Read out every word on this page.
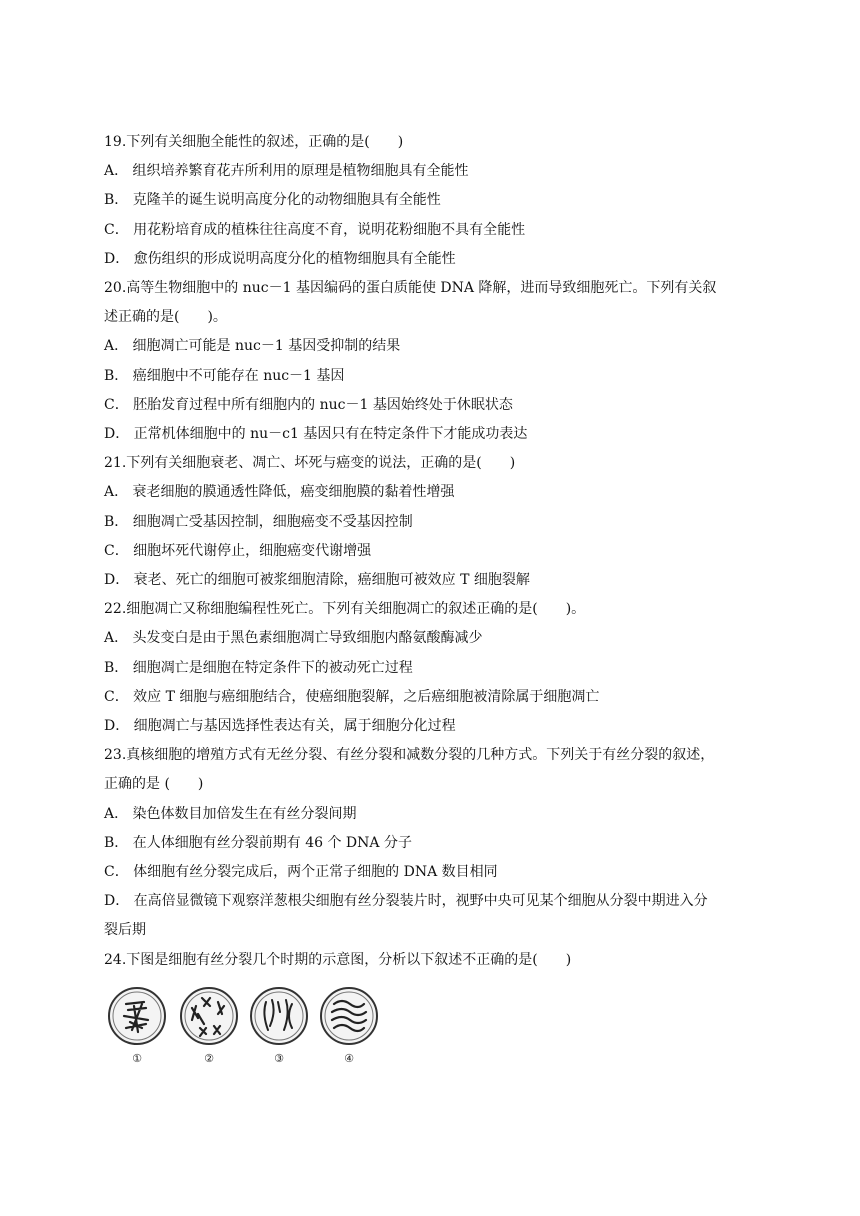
19.下列有关细胞全能性的叙述，正确的是(　　)
A． 组织培养繁育花卉所利用的原理是植物细胞具有全能性
B． 克隆羊的诞生说明高度分化的动物细胞具有全能性
C． 用花粉培育成的植株往往高度不育，说明花粉细胞不具有全能性
D． 愈伤组织的形成说明高度分化的植物细胞具有全能性
20.高等生物细胞中的 nuc－1 基因编码的蛋白质能使 DNA 降解，进而导致细胞死亡。下列有关叙
述正确的是(　　)。
A． 细胞凋亡可能是 nuc－1 基因受抑制的结果
B． 癌细胞中不可能存在 nuc－1 基因
C． 胚胎发育过程中所有细胞内的 nuc－1 基因始终处于休眠状态
D． 正常机体细胞中的 nu－c1 基因只有在特定条件下才能成功表达
21.下列有关细胞衰老、凋亡、坏死与癌变的说法，正确的是(　　)
A． 衰老细胞的膜通透性降低，癌变细胞膜的黏着性增强
B． 细胞凋亡受基因控制，细胞癌变不受基因控制
C． 细胞坏死代谢停止，细胞癌变代谢增强
D． 衰老、死亡的细胞可被浆细胞清除，癌细胞可被效应 T 细胞裂解
22.细胞凋亡又称细胞编程性死亡。下列有关细胞凋亡的叙述正确的是(　　)。
A． 头发变白是由于黑色素细胞凋亡导致细胞内酪氨酸酶减少
B． 细胞凋亡是细胞在特定条件下的被动死亡过程
C． 效应 T 细胞与癌细胞结合，使癌细胞裂解，之后癌细胞被清除属于细胞凋亡
D． 细胞凋亡与基因选择性表达有关，属于细胞分化过程
23.真核细胞的增殖方式有无丝分裂、有丝分裂和减数分裂的几种方式。下列关于有丝分裂的叙述，
正确的是 (　　)
A． 染色体数目加倍发生在有丝分裂间期
B． 在人体细胞有丝分裂前期有 46 个 DNA 分子
C． 体细胞有丝分裂完成后，两个正常子细胞的 DNA 数目相同
D． 在高倍显微镜下观察洋葱根尖细胞有丝分裂装片时，视野中央可见某个细胞从分裂中期进入分
裂后期
24.下图是细胞有丝分裂几个时期的示意图，分析以下叙述不正确的是(　　)
①	②	③	④
